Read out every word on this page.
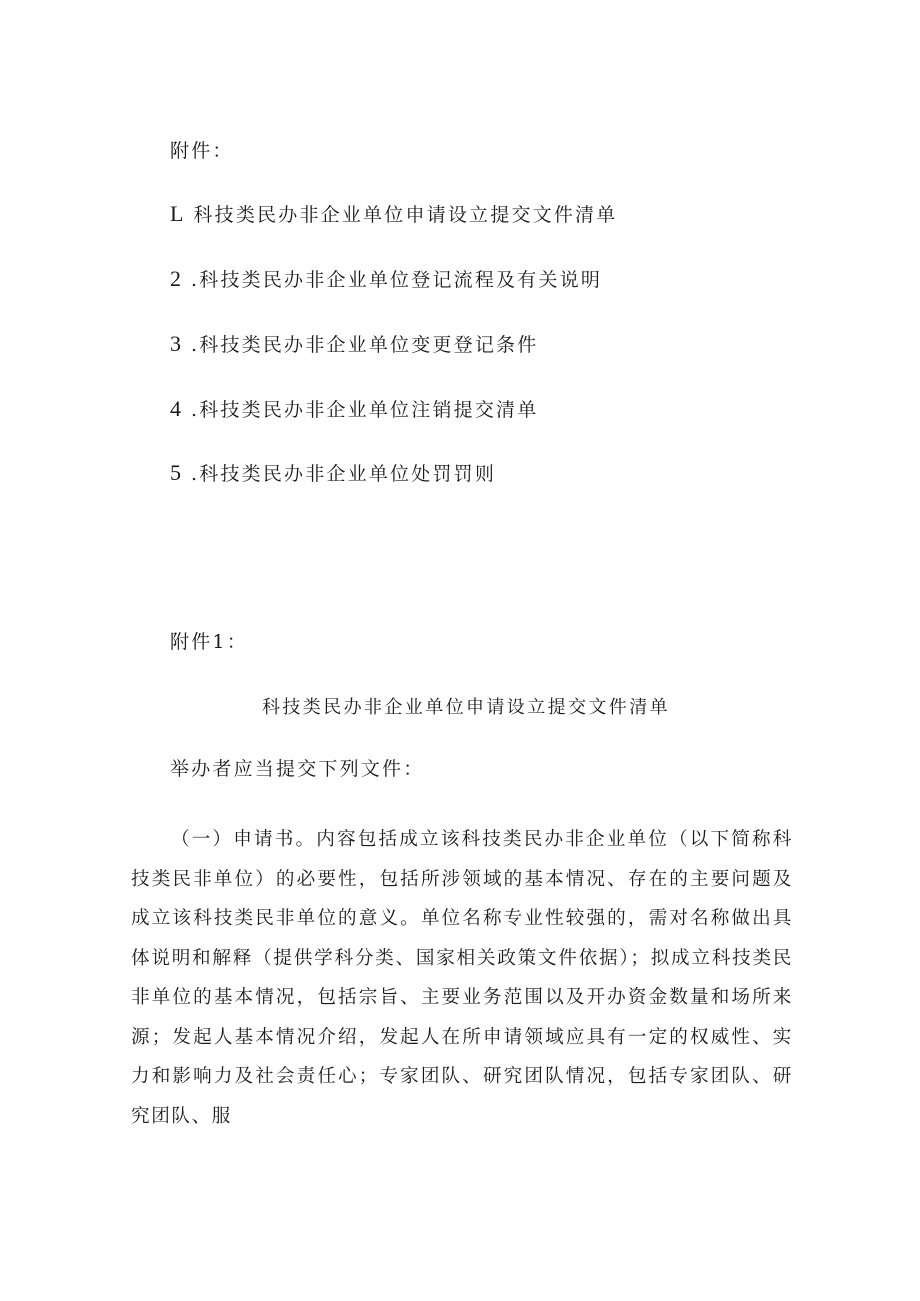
附件：
L 科技类民办非企业单位申请设立提交文件清单
2 .科技类民办非企业单位登记流程及有关说明
3 .科技类民办非企业单位变更登记条件
4 .科技类民办非企业单位注销提交清单
5 .科技类民办非企业单位处罚罚则
附件1：
科技类民办非企业单位申请设立提交文件清单
举办者应当提交下列文件：
（一）申请书。内容包括成立该科技类民办非企业单位（以下简称科技类民非单位）的必要性，包括所涉领域的基本情况、存在的主要问题及成立该科技类民非单位的意义。单位名称专业性较强的，需对名称做出具体说明和解释（提供学科分类、国家相关政策文件依据）；拟成立科技类民非单位的基本情况，包括宗旨、主要业务范围以及开办资金数量和场所来源；发起人基本情况介绍，发起人在所申请领域应具有一定的权威性、实力和影响力及社会责任心；专家团队、研究团队情况，包括专家团队、研究团队、服
